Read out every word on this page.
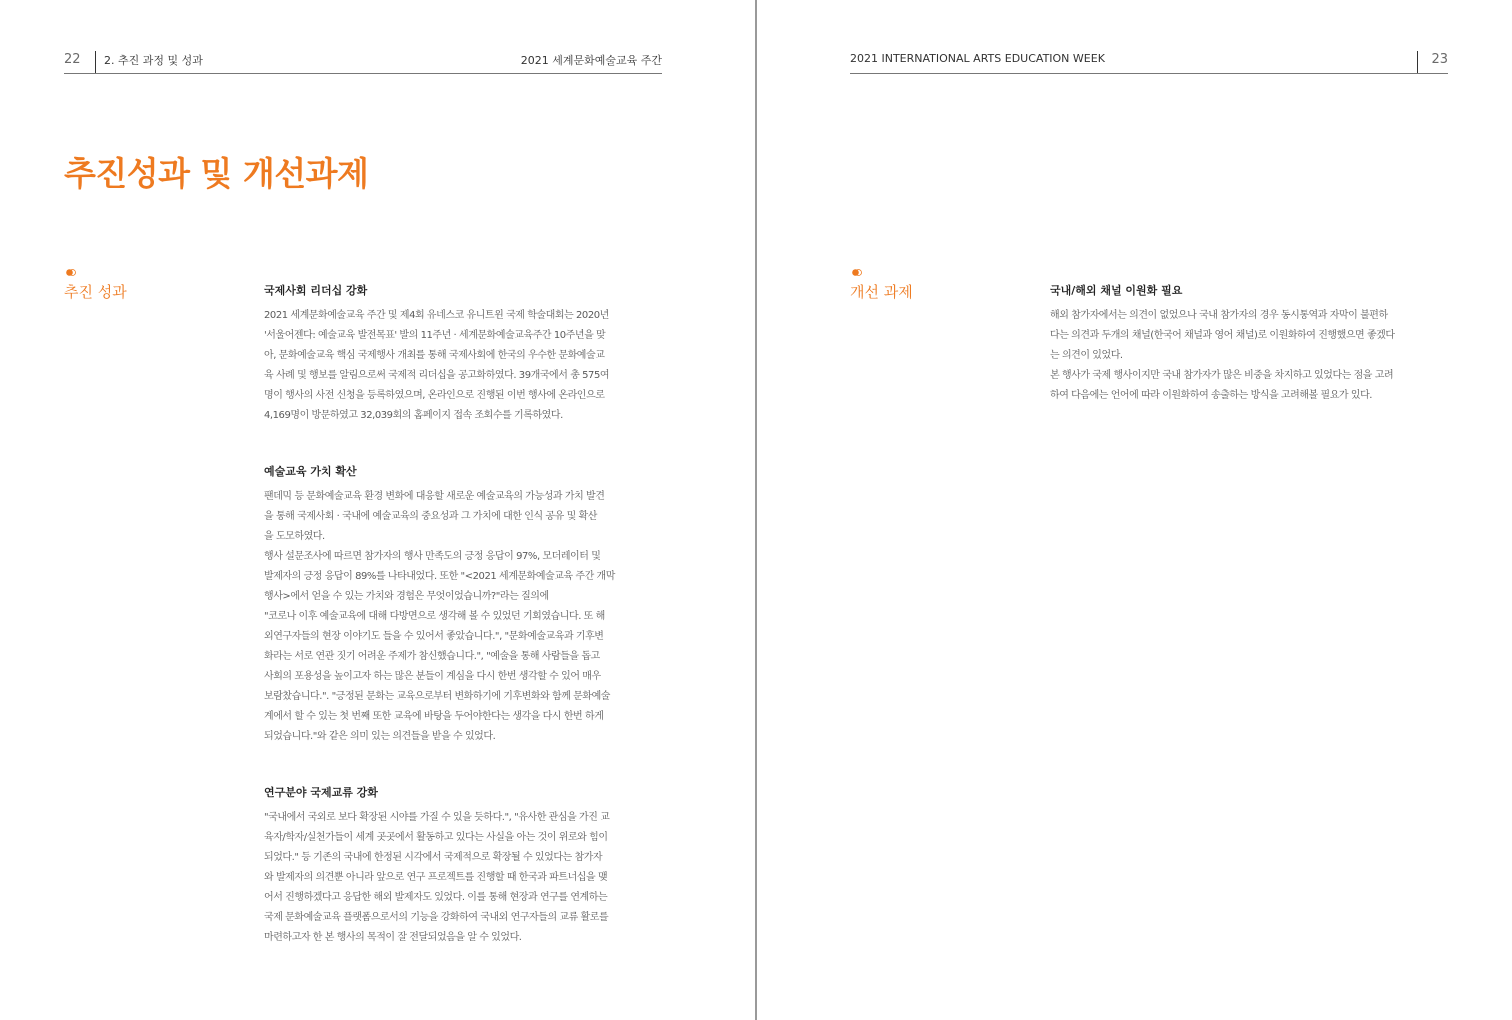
22 2. 추진 과정 및 성과	2021 세계문화예술교육 주간
추진성과 및 개선과제
추진 성과	국제사회 리더십 강화
2021 세계문화예술교육 주간 및 제4회 유네스코 유니트윈 국제 학술대회는 2020년
'서울어젠다: 예술교육 발전목표' 발의 11주년 · 세계문화예술교육주간 10주년을 맞
아, 문화예술교육 핵심 국제행사 개최를 통해 국제사회에 한국의 우수한 문화예술교
육 사례 및 행보를 알림으로써 국제적 리더십을 공고화하였다. 39개국에서 총 575여
명이 행사의 사전 신청을 등록하였으며, 온라인으로 진행된 이번 행사에 온라인으로
4,169명이 방문하였고 32,039회의 홈페이지 접속 조회수를 기록하였다.
예술교육 가치 확산
팬데믹 등 문화예술교육 환경 변화에 대응할 새로운 예술교육의 가능성과 가치 발견
을 통해 국제사회 · 국내에 예술교육의 중요성과 그 가치에 대한 인식 공유 및 확산
을 도모하였다.
행사 설문조사에 따르면 참가자의 행사 만족도의 긍정 응답이 97%, 모더레이터 및
발제자의 긍정 응답이 89%를 나타내었다. 또한 "<2021 세계문화예술교육 주간 개막
행사>에서 얻을 수 있는 가치와 경험은 무엇이었습니까?"라는 질의에
"코로나 이후 예술교육에 대해 다방면으로 생각해 볼 수 있었던 기회였습니다. 또 해
외연구자들의 현장 이야기도 들을 수 있어서 좋았습니다.", "문화예술교육과 기후변
화라는 서로 연관 짓기 어려운 주제가 참신했습니다.", "예술을 통해 사람들을 돕고
사회의 포용성을 높이고자 하는 많은 분들이 계심을 다시 한번 생각할 수 있어 매우
보람찼습니다.". "긍정된 문화는 교육으로부터 변화하기에 기후변화와 함께 문화예술
계에서 할 수 있는 첫 번째 또한 교육에 바탕을 두어야한다는 생각을 다시 한번 하게
되었습니다."와 같은 의미 있는 의견들을 받을 수 있었다.
연구분야 국제교류 강화
"국내에서 국외로 보다 확장된 시야를 가질 수 있을 듯하다.", "유사한 관심을 가진 교
육자/학자/실천가들이 세계 곳곳에서 활동하고 있다는 사실을 아는 것이 위로와 힘이
되었다." 등 기존의 국내에 한정된 시각에서 국제적으로 확장될 수 있었다는 참가자
와 발제자의 의견뿐 아니라 앞으로 연구 프로젝트를 진행할 때 한국과 파트너십을 맺
어서 진행하겠다고 응답한 해외 발제자도 있었다. 이를 통해 현장과 연구를 연계하는
국제 문화예술교육 플랫폼으로서의 기능을 강화하여 국내외 연구자들의 교류 활로를
마련하고자 한 본 행사의 목적이 잘 전달되었음을 알 수 있었다.
2021 INTERNATIONAL ARTS EDUCATION WEEK	23
개선 과제	국내/해외 채널 이원화 필요
해외 참가자에서는 의견이 없었으나 국내 참가자의 경우 동시통역과 자막이 불편하
다는 의견과 두개의 채널(한국어 채널과 영어 채널)로 이원화하여 진행했으면 좋겠다
는 의견이 있었다.
본 행사가 국제 행사이지만 국내 참가자가 많은 비중을 차지하고 있었다는 점을 고려
하여 다음에는 언어에 따라 이원화하여 송출하는 방식을 고려해볼 필요가 있다.
